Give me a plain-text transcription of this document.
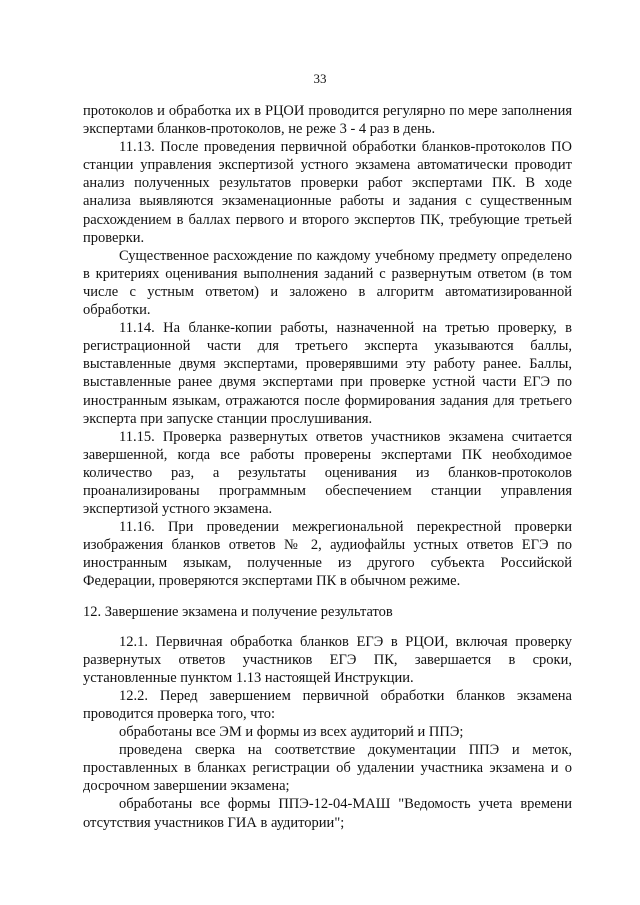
33

протоколов и обработка их в РЦОИ проводится регулярно по мере заполнения экспертами бланков-протоколов, не реже 3 - 4 раз в день.

11.13. После проведения первичной обработки бланков-протоколов ПО станции управления экспертизой устного экзамена автоматически проводит анализ полученных результатов проверки работ экспертами ПК. В ходе анализа выявляются экзаменационные работы и задания с существенным расхождением в баллах первого и второго экспертов ПК, требующие третьей проверки.

Существенное расхождение по каждому учебному предмету определено в критериях оценивания выполнения заданий с развернутым ответом (в том числе с устным ответом) и заложено в алгоритм автоматизированной обработки.

11.14. На бланке-копии работы, назначенной на третью проверку, в регистрационной части для третьего эксперта указываются баллы, выставленные двумя экспертами, проверявшими эту работу ранее. Баллы, выставленные ранее двумя экспертами при проверке устной части ЕГЭ по иностранным языкам, отражаются после формирования задания для третьего эксперта при запуске станции прослушивания.

11.15. Проверка развернутых ответов участников экзамена считается завершенной, когда все работы проверены экспертами ПК необходимое количество раз, а результаты оценивания из бланков-протоколов проанализированы программным обеспечением станции управления экспертизой устного экзамена.

11.16. При проведении межрегиональной перекрестной проверки изображения бланков ответов № 2, аудиофайлы устных ответов ЕГЭ по иностранным языкам, полученные из другого субъекта Российской Федерации, проверяются экспертами ПК в обычном режиме.

12. Завершение экзамена и получение результатов

12.1. Первичная обработка бланков ЕГЭ в РЦОИ, включая проверку развернутых ответов участников ЕГЭ ПК, завершается в сроки, установленные пунктом 1.13 настоящей Инструкции.

12.2. Перед завершением первичной обработки бланков экзамена проводится проверка того, что:

обработаны все ЭМ и формы из всех аудиторий и ППЭ;

проведена сверка на соответствие документации ППЭ и меток, проставленных в бланках регистрации об удалении участника экзамена и о досрочном завершении экзамена;

обработаны все формы ППЭ-12-04-МАШ "Ведомость учета времени отсутствия участников ГИА в аудитории";
